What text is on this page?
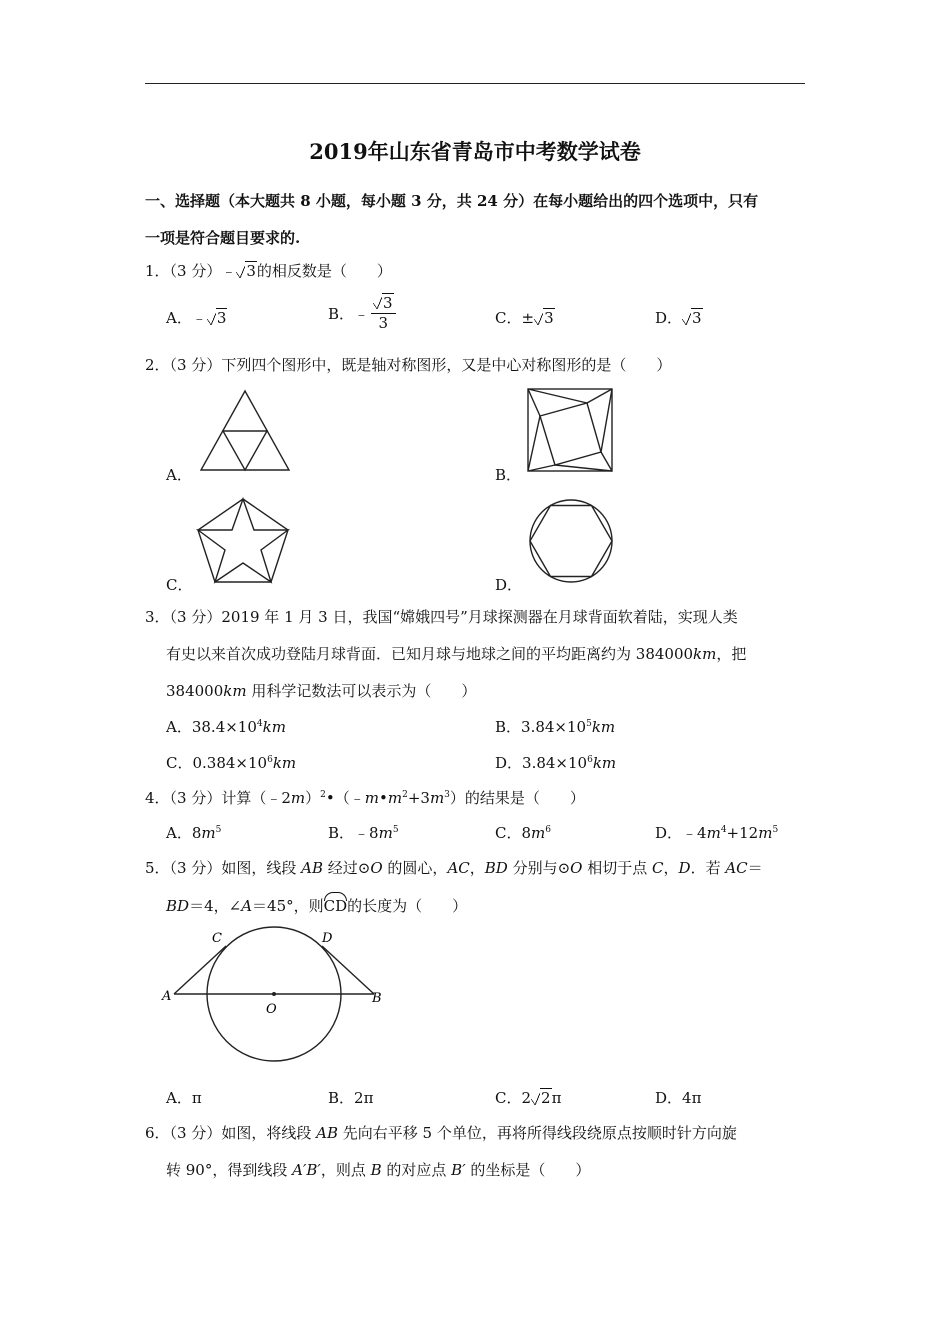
2019年山东省青岛市中考数学试卷
一、选择题（本大题共 8 小题，每小题 3 分，共 24 分）在每小题给出的四个选项中，只有
一项是符合题目要求的.
1．（3 分）﹣ 3的相反数是（　　）
A．﹣ 3	B．﹣ $\frac{3}{3}$	C．± 3	D． 3
2．（3 分）下列四个图形中，既是轴对称图形，又是中心对称图形的是（　　）
A．	B．
C．	D．
3．（3 分）2019 年 1 月 3 日，我国“嫦娥四号”月球探测器在月球背面软着陆，实现人类
有史以来首次成功登陆月球背面．已知月球与地球之间的平均距离约为 384000km，把
384000km 用科学记数法可以表示为（　　）
A．$38.4\times 10^4km$	B．$3.84\times 10^5km$
C．$0.384\times 10^6km$	D．$3.84\times 10^6km$
4．（3 分）计算$(﹣2m)^2•(﹣m•m^2+3m^3)$的结果是（　　）
A．$8m^5$	B．$﹣8m^5$	C．$8m^6$	D．$﹣4m^4+12m^5$
5．（3 分）如图，线段 AB 经过⊙O 的圆心，AC，BD 分别与⊙O 相切于点 C，D．若 AC＝
BD＝4，∠A＝45°，则CD的长度为（　　）
A	B
C	D
O
A．π	B．2π	C．2 2π	D．4π
6．（3 分）如图，将线段 AB 先向右平移 5 个单位，再将所得线段绕原点按顺时针方向旋
转 90°，得到线段 A′B′，则点 B 的对应点 B′ 的坐标是（　　）
